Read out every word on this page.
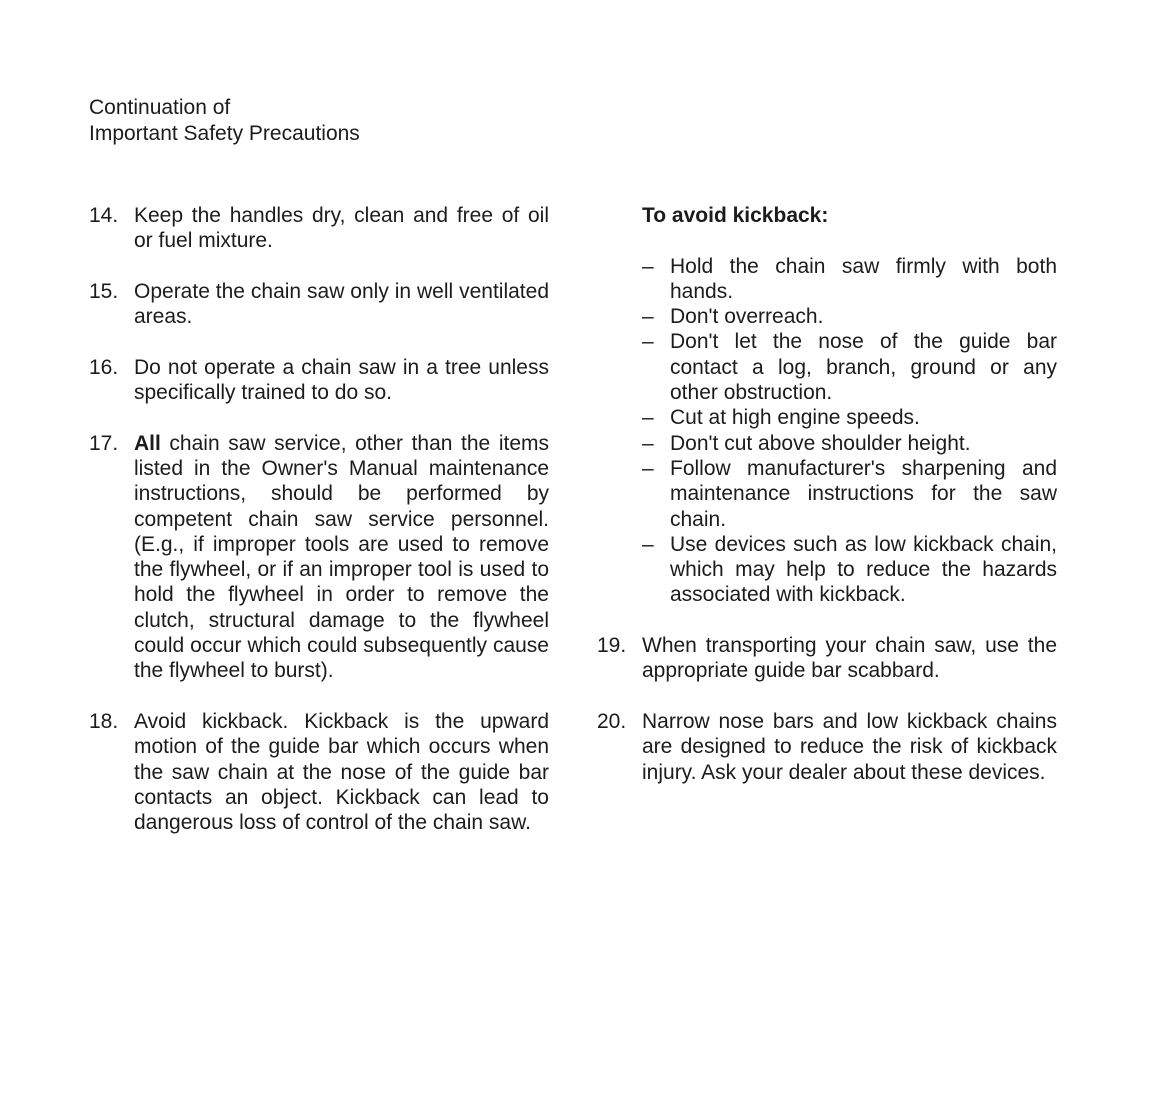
Continuation of
Important Safety Precautions
14. Keep the handles dry, clean and free of oil or fuel mixture.
15. Operate the chain saw only in well ventilated areas.
16. Do not operate a chain saw in a tree unless specifically trained to do so.
17. All chain saw service, other than the items listed in the Owner's Manual maintenance instructions, should be performed by competent chain saw service personnel. (E.g., if improper tools are used to remove the flywheel, or if an improper tool is used to hold the flywheel in order to remove the clutch, structural damage to the flywheel could occur which could subsequently cause the flywheel to burst).
18. Avoid kickback. Kickback is the upward motion of the guide bar which occurs when the saw chain at the nose of the guide bar contacts an object. Kickback can lead to dangerous loss of control of the chain saw.
To avoid kickback:
– Hold the chain saw firmly with both hands.
– Don't overreach.
– Don't let the nose of the guide bar contact a log, branch, ground or any other obstruction.
– Cut at high engine speeds.
– Don't cut above shoulder height.
– Follow manufacturer's sharpening and maintenance instructions for the saw chain.
– Use devices such as low kickback chain, which may help to reduce the hazards associated with kickback.
19. When transporting your chain saw, use the appropriate guide bar scabbard.
20. Narrow nose bars and low kickback chains are designed to reduce the risk of kickback injury. Ask your dealer about these devices.
